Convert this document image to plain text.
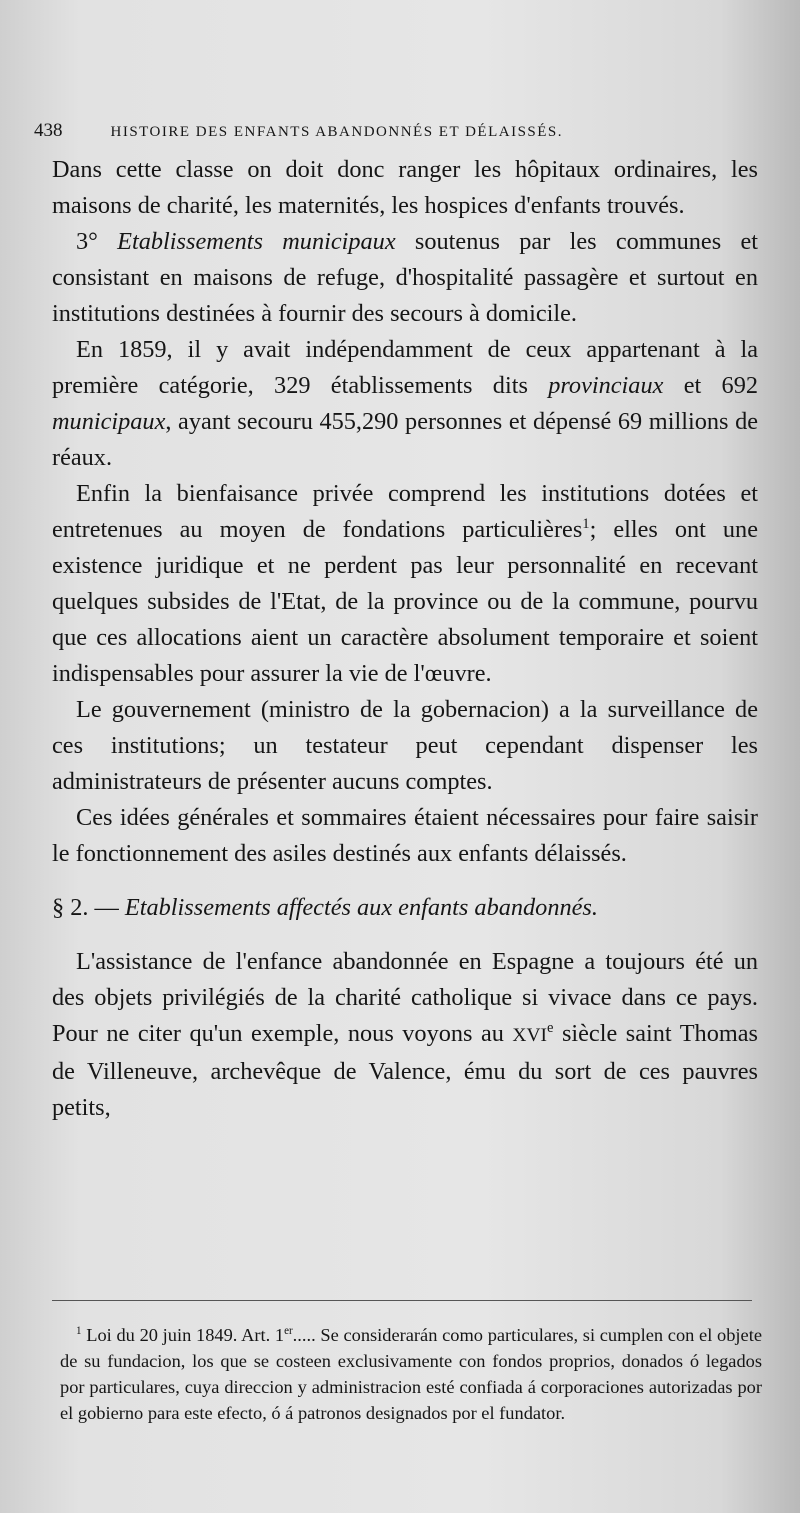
438	HISTOIRE DES ENFANTS ABANDONNÉS ET DÉLAISSÉS.

Dans cette classe on doit donc ranger les hôpitaux ordinaires, les maisons de charité, les maternités, les hospices d'enfants trouvés.

3° Etablissements municipaux soutenus par les communes et consistant en maisons de refuge, d'hospitalité passagère et surtout en institutions destinées à fournir des secours à domicile.

En 1859, il y avait indépendamment de ceux appartenant à la première catégorie, 329 établissements dits provinciaux et 692 municipaux, ayant secouru 455,290 personnes et dépensé 69 millions de réaux.

Enfin la bienfaisance privée comprend les institutions dotées et entretenues au moyen de fondations particulières$^1$; elles ont une existence juridique et ne perdent pas leur personnalité en recevant quelques subsides de l'Etat, de la province ou de la commune, pourvu que ces allocations aient un caractère absolument temporaire et soient indispensables pour assurer la vie de l'œuvre.

Le gouvernement (ministro de la gobernacion) a la surveillance de ces institutions; un testateur peut cependant dispenser les administrateurs de présenter aucuns comptes.

Ces idées générales et sommaires étaient nécessaires pour faire saisir le fonctionnement des asiles destinés aux enfants délaissés.

§ 2. — Etablissements affectés aux enfants abandonnés.

L'assistance de l'enfance abandonnée en Espagne a toujours été un des objets privilégiés de la charité catholique si vivace dans ce pays. Pour ne citer qu'un exemple, nous voyons au XVIe siècle saint Thomas de Villeneuve, archevêque de Valence, ému du sort de ces pauvres petits,

$^1$ Loi du 20 juin 1849. Art. 1er..... Se considerarán como particulares, si cumplen con el objete de su fundacion, los que se costeen exclusivamente con fondos proprios, donados ó legados por particulares, cuya direccion y administracion esté confiada á corporaciones autorizadas por el gobierno para este efecto, ó á patronos designados por el fundator.
